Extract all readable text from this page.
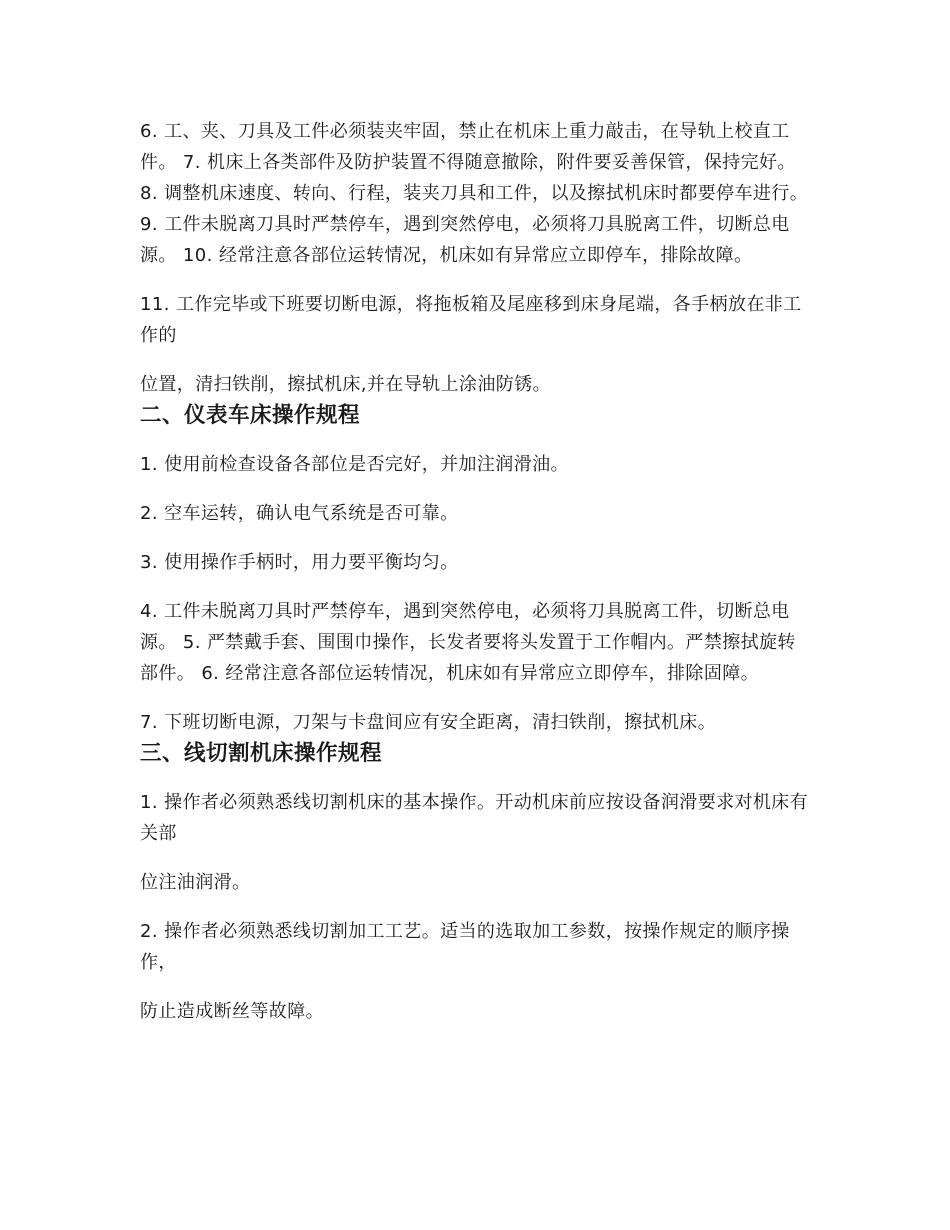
6. 工、夹、刀具及工件必须装夹牢固，禁止在机床上重力敲击，在导轨上校直工件。 7. 机床上各类部件及防护装置不得随意撤除，附件要妥善保管，保持完好。 8. 调整机床速度、转向、行程，装夹刀具和工件，以及擦拭机床时都要停车进行。 9. 工件未脱离刀具时严禁停车，遇到突然停电，必须将刀具脱离工件，切断总电源。 10. 经常注意各部位运转情况，机床如有异常应立即停车，排除故障。

11. 工作完毕或下班要切断电源，将拖板箱及尾座移到床身尾端，各手柄放在非工作的

位置，清扫铁削，擦拭机床,并在导轨上涂油防锈。

二、仪表车床操作规程

1. 使用前检查设备各部位是否完好，并加注润滑油。

2. 空车运转，确认电气系统是否可靠。

3. 使用操作手柄时，用力要平衡均匀。

4. 工件未脱离刀具时严禁停车，遇到突然停电，必须将刀具脱离工件，切断总电源。 5. 严禁戴手套、围围巾操作，长发者要将头发置于工作帽内。严禁擦拭旋转部件。 6. 经常注意各部位运转情况，机床如有异常应立即停车，排除固障。

7. 下班切断电源，刀架与卡盘间应有安全距离，清扫铁削，擦拭机床。

三、线切割机床操作规程

1. 操作者必须熟悉线切割机床的基本操作。开动机床前应按设备润滑要求对机床有关部

位注油润滑。

2. 操作者必须熟悉线切割加工工艺。适当的选取加工参数，按操作规定的顺序操作，

防止造成断丝等故障。
